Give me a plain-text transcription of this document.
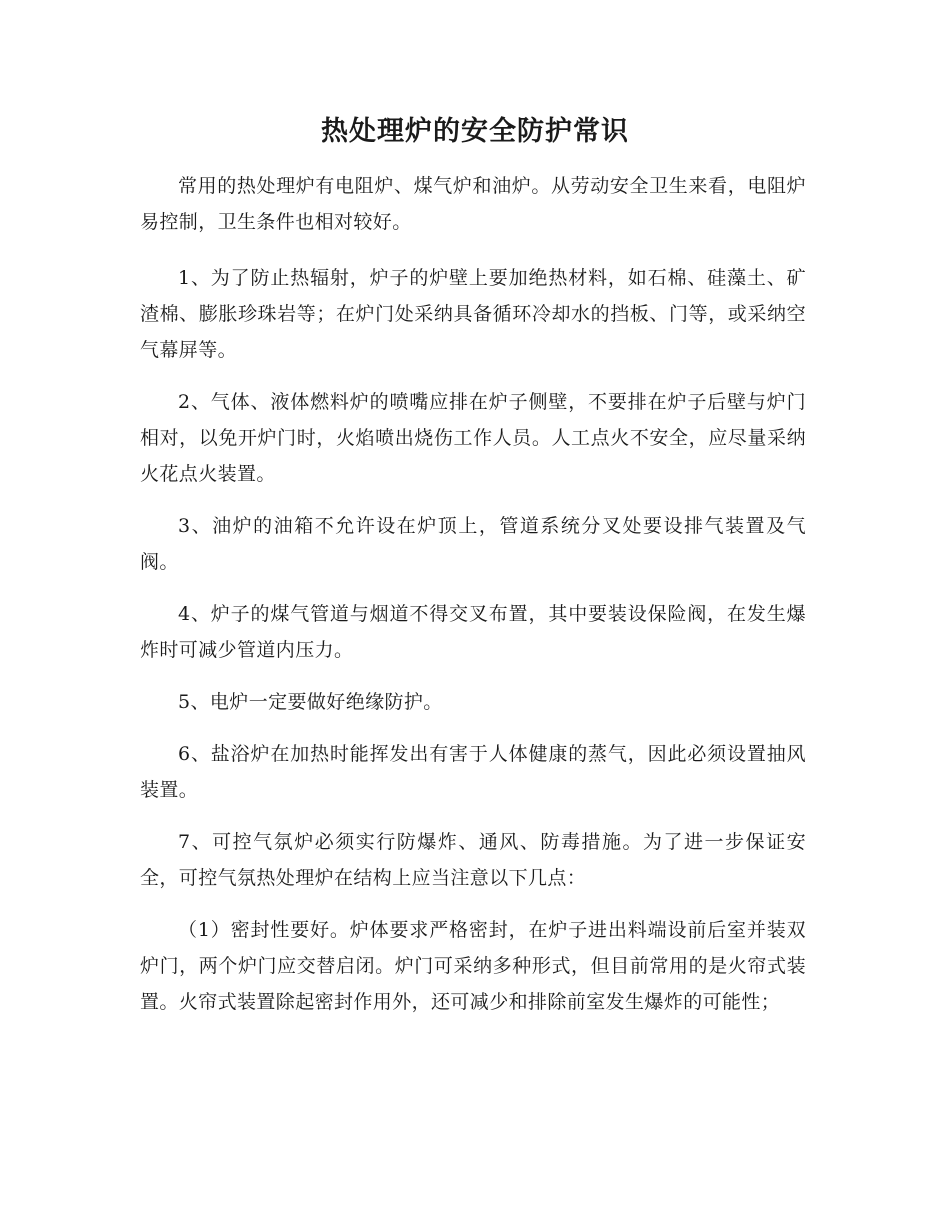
热处理炉的安全防护常识

常用的热处理炉有电阻炉、煤气炉和油炉。从劳动安全卫生来看，电阻炉易控制，卫生条件也相对较好。

1、为了防止热辐射，炉子的炉壁上要加绝热材料，如石棉、硅藻土、矿渣棉、膨胀珍珠岩等；在炉门处采纳具备循环冷却水的挡板、门等，或采纳空气幕屏等。

2、气体、液体燃料炉的喷嘴应排在炉子侧壁，不要排在炉子后壁与炉门相对，以免开炉门时，火焰喷出烧伤工作人员。人工点火不安全，应尽量采纳火花点火装置。

3、油炉的油箱不允许设在炉顶上，管道系统分叉处要设排气装置及气阀。

4、炉子的煤气管道与烟道不得交叉布置，其中要装设保险阀，在发生爆炸时可减少管道内压力。

5、电炉一定要做好绝缘防护。

6、盐浴炉在加热时能挥发出有害于人体健康的蒸气，因此必须设置抽风装置。

7、可控气氛炉必须实行防爆炸、通风、防毒措施。为了进一步保证安全，可控气氛热处理炉在结构上应当注意以下几点：

（1）密封性要好。炉体要求严格密封，在炉子进出料端设前后室并装双炉门，两个炉门应交替启闭。炉门可采纳多种形式，但目前常用的是火帘式装置。火帘式装置除起密封作用外，还可减少和排除前室发生爆炸的可能性；
